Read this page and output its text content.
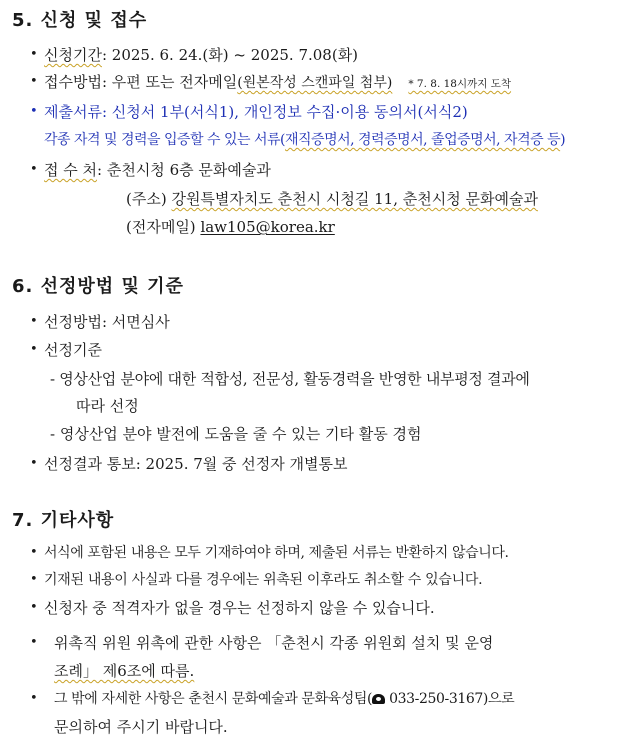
5. 신청 및 접수
• 신청기간: 2025. 6. 24.(화) ~ 2025. 7.08(화)
• 접수방법: 우편 또는 전자메일(원본작성 스캔파일 첨부) * 7. 8. 18시까지 도착
• 제출서류: 신청서 1부(서식1), 개인정보 수집·이용 동의서(서식2)
각종 자격 및 경력을 입증할 수 있는 서류(재직증명서, 경력증명서, 졸업증명서, 자격증 등)
• 접 수 처: 춘천시청 6층 문화예술과
(주소) 강원특별자치도 춘천시 시청길 11, 춘천시청 문화예술과
(전자메일) law105@korea.kr
6. 선정방법 및 기준
• 선정방법: 서면심사
• 선정기준
- 영상산업 분야에 대한 적합성, 전문성, 활동경력을 반영한 내부평정 결과에
따라 선정
- 영상산업 분야 발전에 도움을 줄 수 있는 기타 활동 경험
• 선정결과 통보: 2025. 7월 중 선정자 개별통보
7. 기타사항
• 서식에 포함된 내용은 모두 기재하여야 하며, 제출된 서류는 반환하지 않습니다.
• 기재된 내용이 사실과 다를 경우에는 위촉된 이후라도 취소할 수 있습니다.
• 신청자 중 적격자가 없을 경우는 선정하지 않을 수 있습니다.
• 위촉직 위원 위촉에 관한 사항은 「춘천시 각종 위원회 설치 및 운영
조례」 제6조에 따름.
• 그 밖에 자세한 사항은 춘천시 문화예술과 문화육성팀( 033-250-3167)으로
문의하여 주시기 바랍니다.
